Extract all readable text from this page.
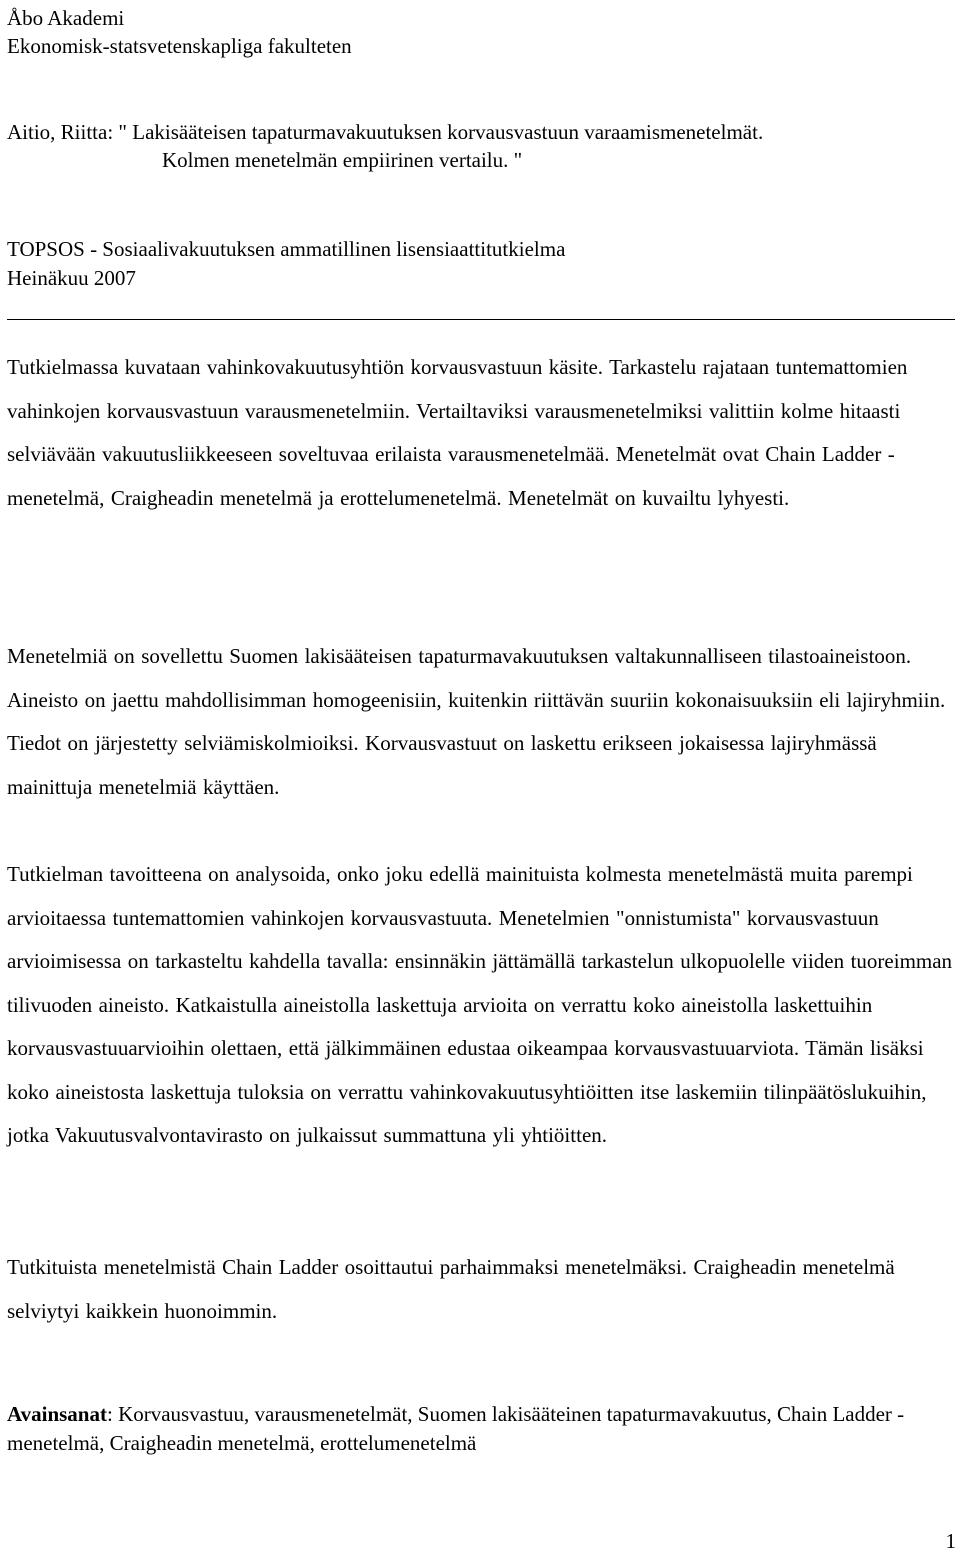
Åbo Akademi
Ekonomisk-statsvetenskapliga fakulteten
Aitio, Riitta: " Lakisääteisen tapaturmavakuutuksen korvausvastuun varaamismenetelmät.
Kolmen menetelmän empiirinen vertailu. "
TOPSOS - Sosiaalivakuutuksen ammatillinen lisensiaattitutkielma
Heinäkuu 2007

Tutkielmassa kuvataan vahinkovakuutusyhtiön korvausvastuun käsite. Tarkastelu rajataan tuntemattomien vahinkojen korvausvastuun varausmenetelmiin. Vertailtaviksi varausmenetelmiksi valittiin kolme hitaasti selviävään vakuutusliikkeeseen soveltuvaa erilaista varausmenetelmää. Menetelmät ovat Chain Ladder -menetelmä, Craigheadin menetelmä ja erottelumenetelmä. Menetelmät on kuvailtu lyhyesti.

Menetelmiä on sovellettu Suomen lakisääteisen tapaturmavakuutuksen valtakunnalliseen tilastoaineistoon. Aineisto on jaettu mahdollisimman homogeenisiin, kuitenkin riittävän suuriin kokonaisuuksiin eli lajiryhmiin. Tiedot on järjestetty selviämiskolmioiksi. Korvausvastuut on laskettu erikseen jokaisessa lajiryhmässä mainittuja menetelmiä käyttäen.

Tutkielman tavoitteena on analysoida, onko joku edellä mainituista kolmesta menetelmästä muita parempi arvioitaessa tuntemattomien vahinkojen korvausvastuuta. Menetelmien "onnistumista" korvausvastuun arvioimisessa on tarkasteltu kahdella tavalla: ensinnäkin jättämällä tarkastelun ulkopuolelle viiden tuoreimman tilivuoden aineisto. Katkaistulla aineistolla laskettuja arvioita on verrattu koko aineistolla laskettuihin korvausvastuuarvioihin olettaen, että jälkimmäinen edustaa oikeampaa korvausvastuuarviota. Tämän lisäksi koko aineistosta laskettuja tuloksia on verrattu vahinkovakuutusyhtiöitten itse laskemiin tilinpäätöslukuihin, jotka Vakuutusvalvontavirasto on julkaissut summattuna yli yhtiöitten.

Tutkituista menetelmistä Chain Ladder osoittautui parhaimmaksi menetelmäksi. Craigheadin menetelmä selviytyi kaikkein huonoimmin.

Avainsanat: Korvausvastuu, varausmenetelmät, Suomen lakisääteinen tapaturmavakuutus, Chain Ladder -menetelmä, Craigheadin menetelmä, erottelumenetelmä

1
